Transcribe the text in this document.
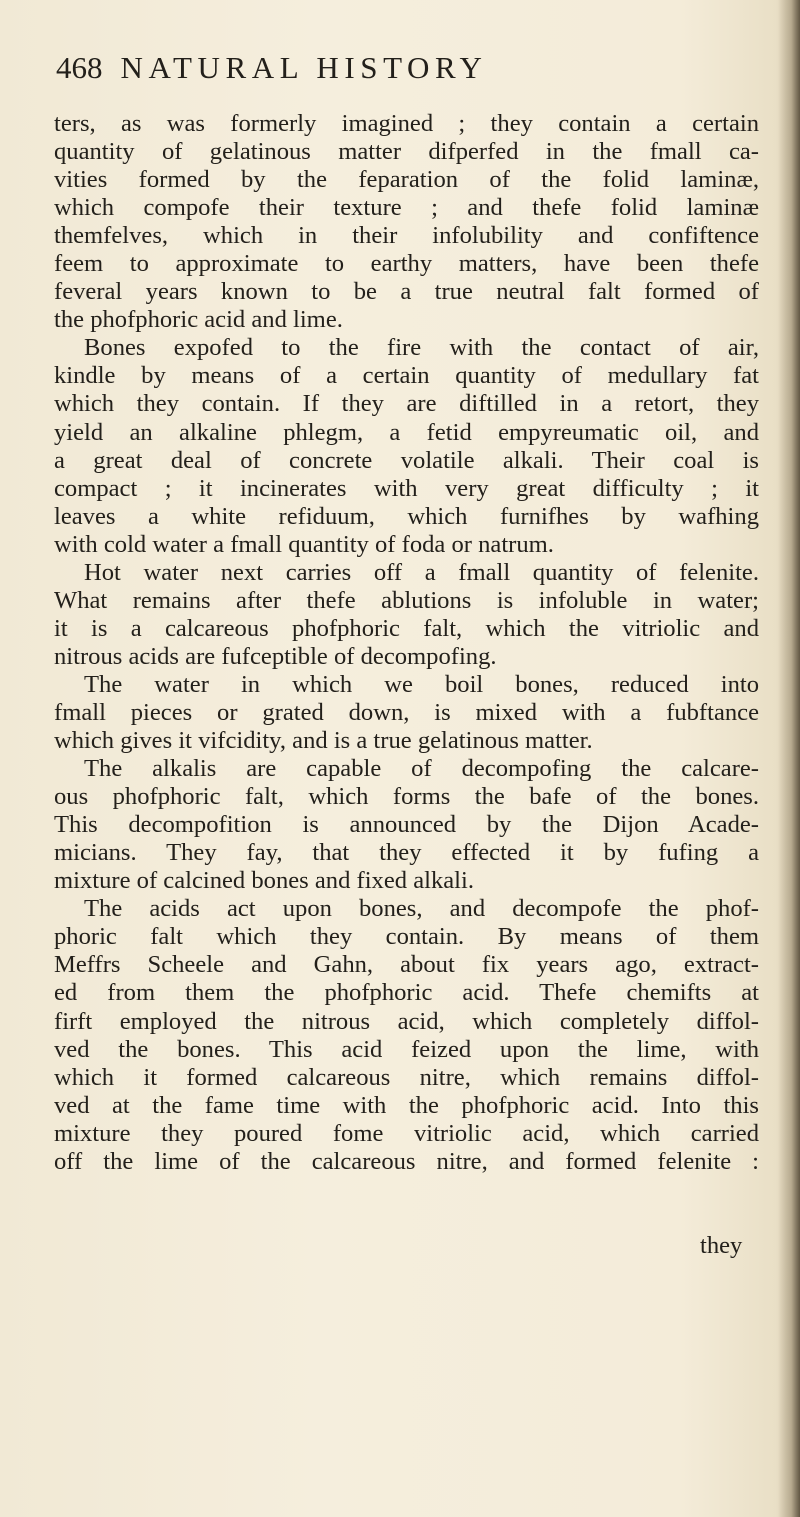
468 NATURAL HISTORY
ters, as was formerly imagined ; they contain a certain
quantity of gelatinous matter difperfed in the fmall ca-
vities formed by the feparation of the folid laminæ,
which compofe their texture ; and thefe folid laminæ
themfelves, which in their infolubility and confiftence
feem to approximate to earthy matters, have been thefe
feveral years known to be a true neutral falt formed of
the phofphoric acid and lime.
Bones expofed to the fire with the contact of air,
kindle by means of a certain quantity of medullary fat
which they contain. If they are diftilled in a retort, they
yield an alkaline phlegm, a fetid empyreumatic oil, and
a great deal of concrete volatile alkali. Their coal is
compact ; it incinerates with very great difficulty ; it
leaves a white refiduum, which furnifhes by wafhing
with cold water a fmall quantity of foda or natrum.
Hot water next carries off a fmall quantity of felenite.
What remains after thefe ablutions is infoluble in water;
it is a calcareous phofphoric falt, which the vitriolic and
nitrous acids are fufceptible of decompofing.
The water in which we boil bones, reduced into
fmall pieces or grated down, is mixed with a fubftance
which gives it vifcidity, and is a true gelatinous matter.
The alkalis are capable of decompofing the calcare-
ous phofphoric falt, which forms the bafe of the bones.
This decompofition is announced by the Dijon Acade-
micians. They fay, that they effected it by fufing a
mixture of calcined bones and fixed alkali.
The acids act upon bones, and decompofe the phof-
phoric falt which they contain. By means of them
Meffrs Scheele and Gahn, about fix years ago, extract-
ed from them the phofphoric acid. Thefe chemifts at
firft employed the nitrous acid, which completely diffol-
ved the bones. This acid feized upon the lime, with
which it formed calcareous nitre, which remains diffol-
ved at the fame time with the phofphoric acid. Into this
mixture they poured fome vitriolic acid, which carried
off the lime of the calcareous nitre, and formed felenite :
they
